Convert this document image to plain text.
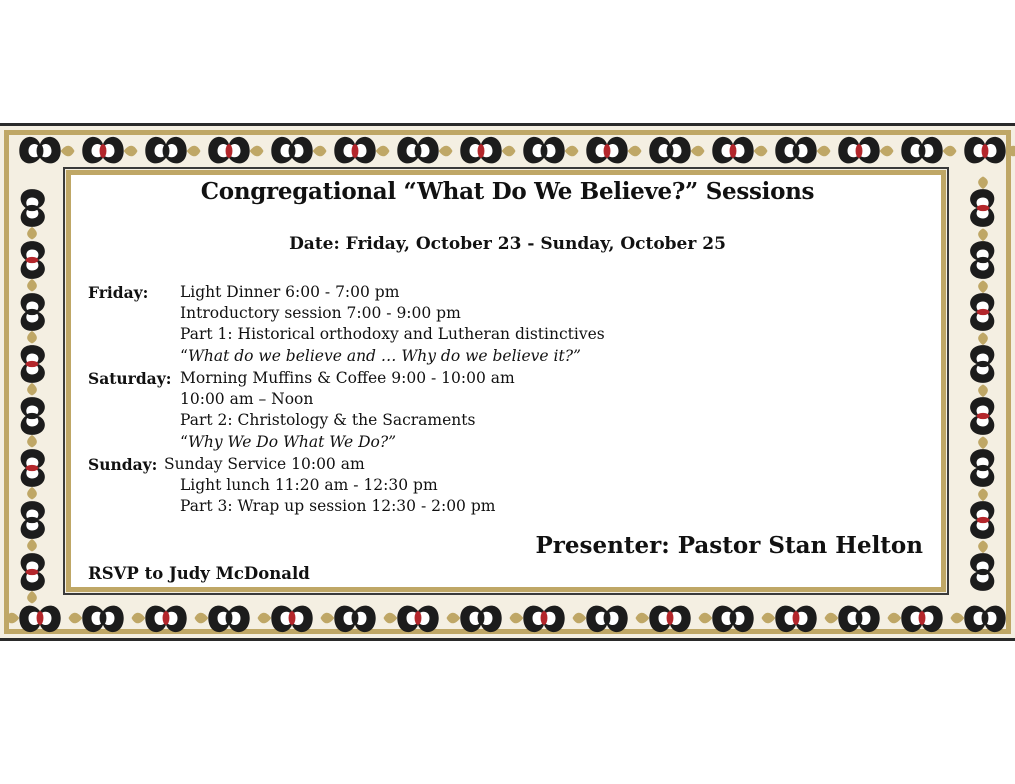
Congregational “What Do We Believe?” Sessions
Date: Friday, October 23 - Sunday, October 25
Friday: Light Dinner 6:00 - 7:00 pm
Introductory session 7:00 - 9:00 pm
Part 1: Historical orthodoxy and Lutheran distinctives
“What do we believe and … Why do we believe it?”
Saturday: Morning Muffins & Coffee 9:00 - 10:00 am
10:00 am – Noon
Part 2: Christology & the Sacraments
“Why We Do What We Do?”
Sunday: Sunday Service 10:00 am
Light lunch 11:20 am - 12:30 pm
Part 3: Wrap up session 12:30 - 2:00 pm
Presenter: Pastor Stan Helton
RSVP to Judy McDonald
